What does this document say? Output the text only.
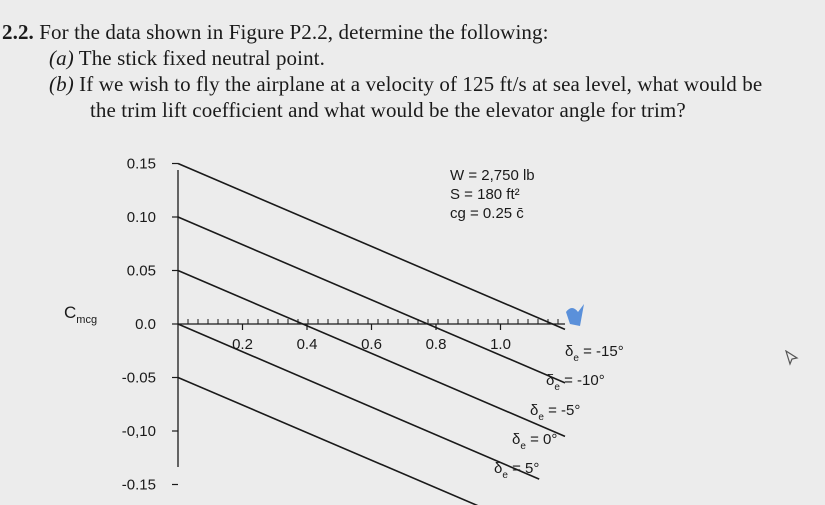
2.2. For the data shown in Figure P2.2, determine the following:
(a) The stick fixed neutral point.
(b) If we wish to fly the airplane at a velocity of 125 ft/s at sea level, what would be
the trim lift coefficient and what would be the elevator angle for trim?
0.15
0.10
0.05
0.0
-0.05
-0,10
-0.15
0.2	0.4	0.6	0.8	1.0	$\delta_e = -15^\circ$
$\delta_e = -10^\circ$
$\delta_e = -5^\circ$
$\delta_e = 0^\circ$
$\delta_e = 5^\circ$
$C_{mcg}$
W = 2,750 lb
S = 180 ft²
cg = 0.25 c̄
